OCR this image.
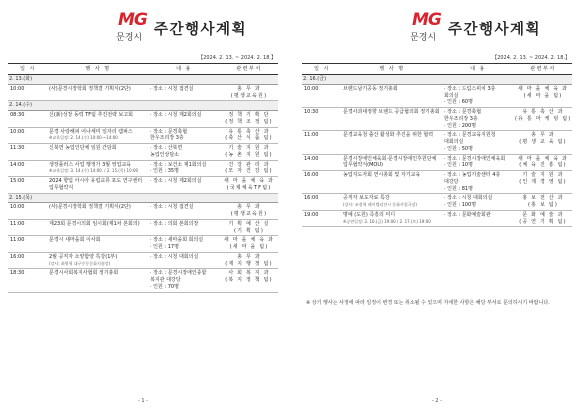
MG
문경시 주간행사계획
【2024. 2. 13. ~ 2024. 2. 18.】
일 시	행 사 명	내 용	관련부서
2. 13.(화)			
10:00	(사)문경시장학회 정책결 기획식(2단)	· 장소 : 시청 접견실	총 무 과
(평생교육원)

2. 14.(수)			
08:30	신(新)성장 동력 TF팀 추진전략 보고회	· 장소 : 시청 제2회의실	정 책 기 획 단
(정 책 조 정 팀)

10:00	문경 사랑해피 어나세미 일자리 캠퍼스
※교육일정: 2. 14.(수) 10:00.~14:00	· 장소 : 문경축협
한우조리장 3층	유 통 축 산 과
(축 산 식 품 팀)

11:30	신북면 농업인단체 임원 간담회	· 장소 : 산북면
농업인상담소	기 술 지 원 과
(농 촌 지 원 팀)

14:00	생장플러스 사업 행정가 3월 영업교육
※교육일정: 3. 14.(수) 14:00. / 2. 15.(목) 10:00	· 장소 : 보건소 제1회의실
· 인원 : 35명	건 강 관 리 과
(모 자 건 강 팀)

15:00	2024 향업 아시아 유럽교류 포도 연구센터 업무협약식	· 장소 : 시청 제2회의실	새 마 을 체 육 과
(국제체육TF팀)

2. 15.(목)			
10:00	(사)문경시장학회 정책결 기획식(2단)	· 장소 : 시청 접견실	총 무 과
(평생교육원)

11:00	제23회 문경시의회 임시회(제1차 본회의)	· 장소 : 의회 본회의장	기 획 예 산 실
(기 획 팀)

11:00	문경시 새마을회 이사회	· 장소 : 새마을회 회의실
· 인원 : 17명	새 마 을 체 육 과
(새 마 을 팀)

16:00	2월 공직자 소양함양 특강(1부)
(강사: 최원혁 대구숭동문화지점장)	· 장소 : 시청 대회의실	총 무 과
(재 지 행 정 팀)

18:30	문경시사회복지사협회 정기총회	· 장소 : 문경시장애인종합
복지관 대강당
· 인원 : 70명	사 회 복 지 과
(복 지 정 책 팀)
- 1 -
MG
문경시 주간행사계획
【2024. 2. 13. ~ 2024. 2. 18.】
일 시	행 사 명	내 용	관련부서
2. 16.(금)			
10:00	브랜드남기공동 정기총회	· 장소 : 드림스피치 3층
회의실
· 인원 : 60명	새 마 을 체 육 과
(새 마 을 팀)

10:30	문경사과대정향 브랜드 공급협의회 정기총회	· 장소 : 문경축협
한우조리장 3층
· 인원 : 200명	유 통 축 산 과
(유 통 마 케 팅 팀)

11:00	문경교육청 출산 활성화 추진을 위한 협력	· 장소 : 문경교육지원청
대회의실
· 인원 : 50명	총 무 과
(평 생 교 육 팀)

14:00	문경시장애인체육회·문경시장애인후원단체 업무협약식(MOU)	· 장소 : 문경시장애인체육회
· 인원 : 10명	새 마 을 체 육 과
(체 육 진 흥 팀)

16:00	농업지도자회 연시총회 및 자기교육	· 장소 : 농업기술센터 4층
대강당
· 인원 : 81명	기 술 지 원 과
(인 재 경 영 팀)

16:00	공직자 보도자료 특강
(강사: 조정혁 레이텔리전시 문화사업국장)	· 장소 : 시청 대회의실
· 인원 : 100명	홍 보 전 산 과
(홍 보 팀)

19:00	명예 (도원) 즉흥의 미디
※공연일정: 3. 16.(금) 19:00 / 2. 17.(토) 19:00	· 장소 : 문화예술회관	문 화 예 술 과
(공 연 기 획 팀)
※ 상기 행사는 사정에 따라 일정이 변경 또는 취소될 수 있으며 자세한 사항은 해당 부서로 문의하시기 바랍니다.
- 2 -
